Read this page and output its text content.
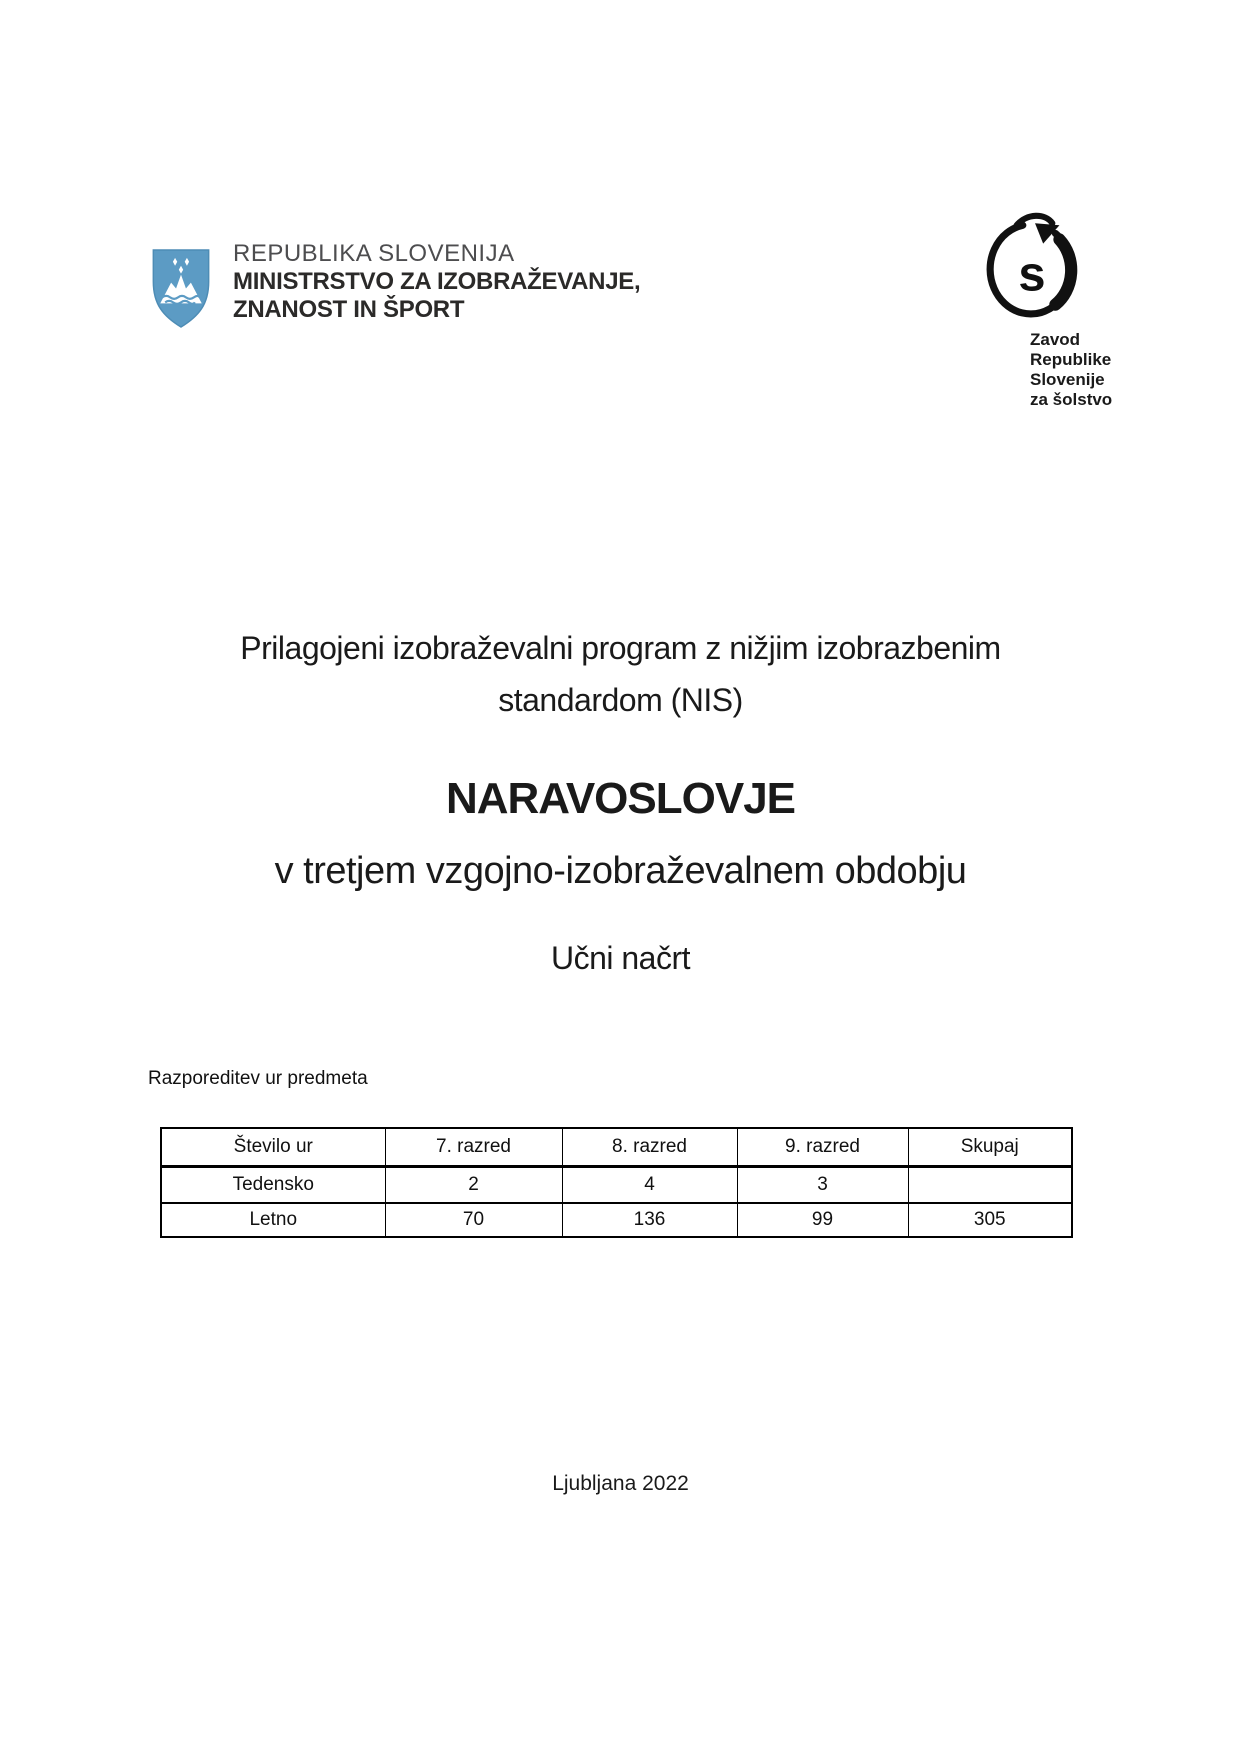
REPUBLIKA SLOVENIJA
MINISTRSTVO ZA IZOBRAŽEVANJE,
ZNANOST IN ŠPORT
s
Zavod
Republike
Slovenije
za šolstvo
Prilagojeni izobraževalni program z nižjim izobrazbenim
standardom (NIS)
NARAVOSLOVJE
v tretjem vzgojno-izobraževalnem obdobju
Učni načrt
Razporeditev ur predmeta
Število ur	7. razred	8. razred	9. razred	Skupaj
Tedensko	2	4	3	
Letno	70	136	99	305
Ljubljana 2022
